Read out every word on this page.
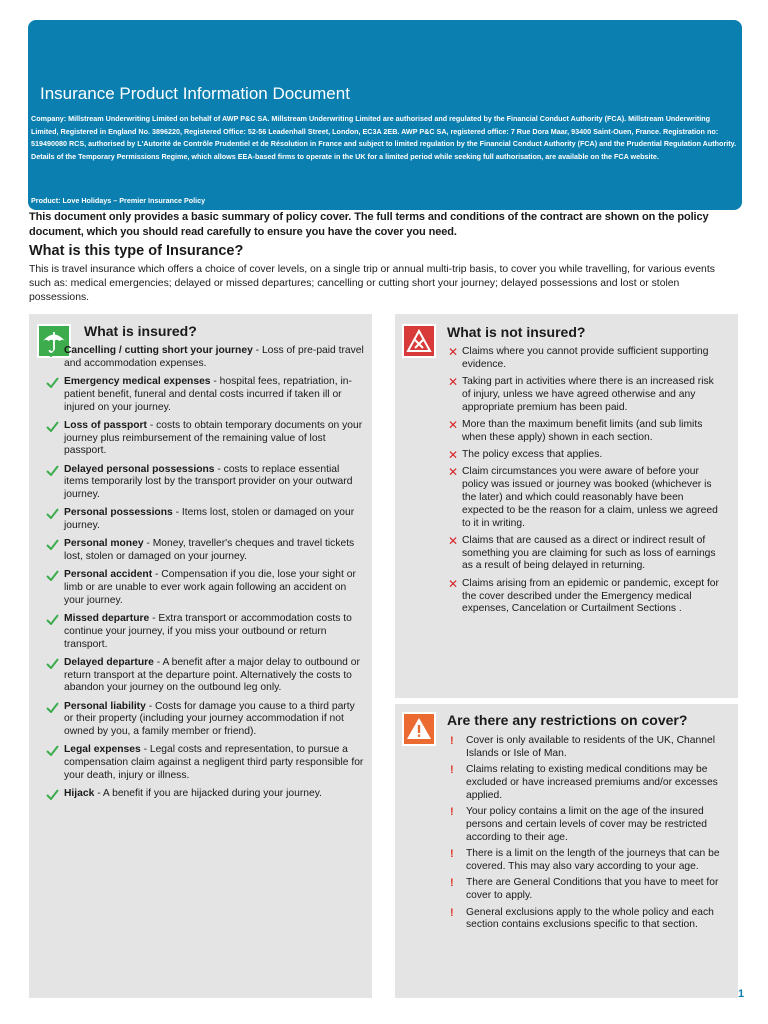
Insurance Product Information Document
Company: Millstream Underwriting Limited on behalf of AWP P&C SA. Millstream Underwriting Limited are authorised and regulated by the Financial Conduct Authority (FCA). Millstream Underwriting Limited, Registered in England No. 3896220, Registered Office: 52-56 Leadenhall Street, London, EC3A 2EB. AWP P&C SA, registered office: 7 Rue Dora Maar, 93400 Saint-Ouen, France. Registration no: 519490080 RCS, authorised by L'Autorité de Contrôle Prudentiel et de Résolution in France and subject to limited regulation by the Financial Conduct Authority (FCA) and the Prudential Regulation Authority. Details of the Temporary Permissions Regime, which allows EEA-based firms to operate in the UK for a limited period while seeking full authorisation, are available on the FCA website.
Product: Love Holidays – Premier Insurance Policy
This document only provides a basic summary of policy cover. The full terms and conditions of the contract are shown on the policy document, which you should read carefully to ensure you have the cover you need.
What is this type of Insurance?
This is travel insurance which offers a choice of cover levels, on a single trip or annual multi-trip basis, to cover you while travelling, for various events such as: medical emergencies; delayed or missed departures; cancelling or cutting short your journey; delayed possessions and lost or stolen possessions.
What is insured?
Cancelling / cutting short your journey - Loss of pre-paid travel and accommodation expenses.
Emergency medical expenses - hospital fees, repatriation, in-patient benefit, funeral and dental costs incurred if taken ill or injured on your journey.
Loss of passport - costs to obtain temporary documents on your journey plus reimbursement of the remaining value of lost passport.
Delayed personal possessions - costs to replace essential items temporarily lost by the transport provider on your outward journey.
Personal possessions - Items lost, stolen or damaged on your journey.
Personal money - Money, traveller's cheques and travel tickets lost, stolen or damaged on your journey.
Personal accident - Compensation if you die, lose your sight or limb or are unable to ever work again following an accident on your journey.
Missed departure - Extra transport or accommodation costs to continue your journey, if you miss your outbound or return transport.
Delayed departure - A benefit after a major delay to outbound or return transport at the departure point. Alternatively the costs to abandon your journey on the outbound leg only.
Personal liability - Costs for damage you cause to a third party or their property (including your journey accommodation if not owned by you, a family member or friend).
Legal expenses - Legal costs and representation, to pursue a compensation claim against a negligent third party responsible for your death, injury or illness.
Hijack - A benefit if you are hijacked during your journey.
What is not insured?
✕ Claims where you cannot provide sufficient supporting evidence.
✕ Taking part in activities where there is an increased risk of injury, unless we have agreed otherwise and any appropriate premium has been paid.
✕ More than the maximum benefit limits (and sub limits when these apply) shown in each section.
✕ The policy excess that applies.
✕ Claim circumstances you were aware of before your policy was issued or journey was booked (whichever is the later) and which could reasonably have been expected to be the reason for a claim, unless we agreed to it in writing.
✕ Claims that are caused as a direct or indirect result of something you are claiming for such as loss of earnings as a result of being delayed in returning.
✕ Claims arising from an epidemic or pandemic, except for the cover described under the Emergency medical expenses, Cancelation or Curtailment Sections .
Are there any restrictions on cover?
! Cover is only available to residents of the UK, Channel Islands or Isle of Man.
! Claims relating to existing medical conditions may be excluded or have increased premiums and/or excesses applied.
! Your policy contains a limit on the age of the insured persons and certain levels of cover may be restricted according to their age.
! There is a limit on the length of the journeys that can be covered. This may also vary according to your age.
! There are General Conditions that you have to meet for cover to apply.
! General exclusions apply to the whole policy and each section contains exclusions specific to that section.
1
